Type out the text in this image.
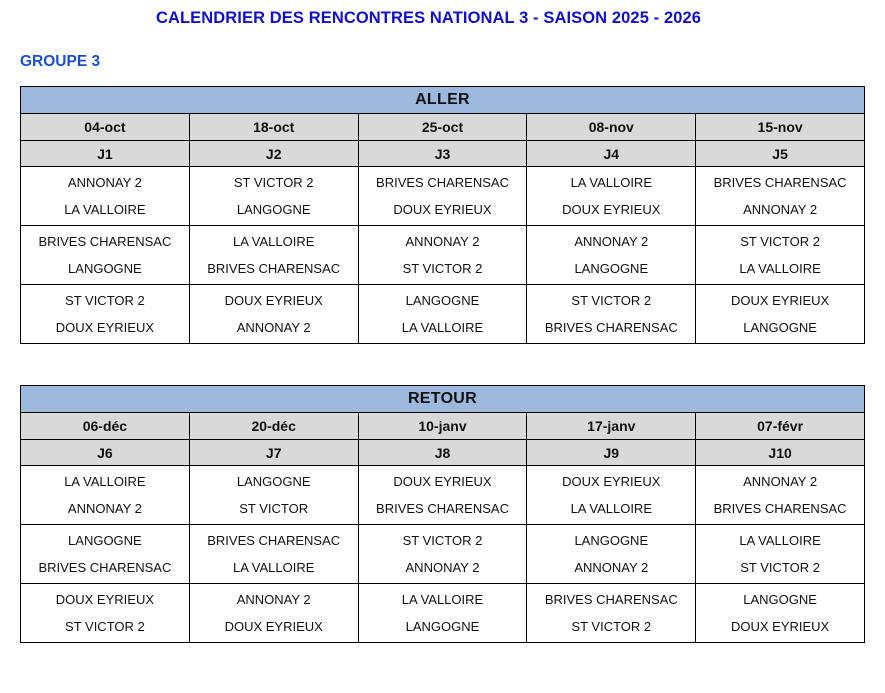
CALENDRIER DES RENCONTRES NATIONAL 3 - SAISON 2025 - 2026
GROUPE 3
ALLER				
04-oct	18-oct	25-oct	08-nov	15-nov
J1	J2	J3	J4	J5
ANNONAY 2	ST VICTOR 2	BRIVES CHARENSAC	LA VALLOIRE	BRIVES CHARENSAC
LA VALLOIRE	LANGOGNE	DOUX EYRIEUX	DOUX EYRIEUX	ANNONAY 2
BRIVES CHARENSAC	LA VALLOIRE	ANNONAY 2	ANNONAY 2	ST VICTOR 2
LANGOGNE	BRIVES CHARENSAC	ST VICTOR 2	LANGOGNE	LA VALLOIRE
ST VICTOR 2	DOUX EYRIEUX	LANGOGNE	ST VICTOR 2	DOUX EYRIEUX
DOUX EYRIEUX	ANNONAY 2	LA VALLOIRE	BRIVES CHARENSAC	LANGOGNE
RETOUR				
06-déc	20-déc	10-janv	17-janv	07-févr
J6	J7	J8	J9	J10
LA VALLOIRE	LANGOGNE	DOUX EYRIEUX	DOUX EYRIEUX	ANNONAY 2
ANNONAY 2	ST VICTOR	BRIVES CHARENSAC	LA VALLOIRE	BRIVES CHARENSAC
LANGOGNE	BRIVES CHARENSAC	ST VICTOR 2	LANGOGNE	LA VALLOIRE
BRIVES CHARENSAC	LA VALLOIRE	ANNONAY 2	ANNONAY 2	ST VICTOR 2
DOUX EYRIEUX	ANNONAY 2	LA VALLOIRE	BRIVES CHARENSAC	LANGOGNE
ST VICTOR 2	DOUX EYRIEUX	LANGOGNE	ST VICTOR 2	DOUX EYRIEUX
